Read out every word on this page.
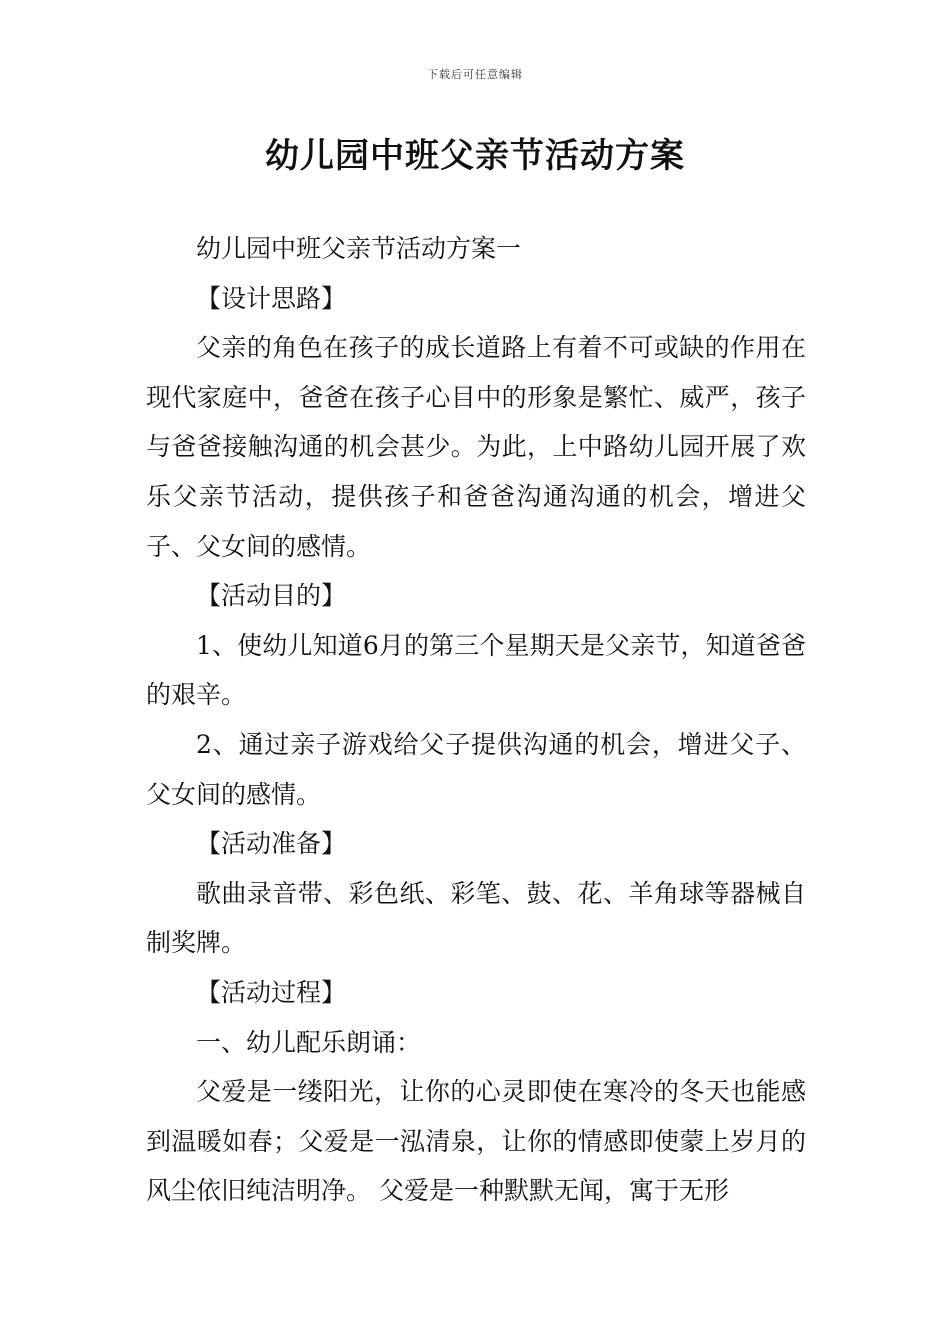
下载后可任意编辑
幼儿园中班父亲节活动方案

幼儿园中班父亲节活动方案一

【设计思路】

父亲的角色在孩子的成长道路上有着不可或缺的作用在现代家庭中，爸爸在孩子心目中的形象是繁忙、威严，孩子与爸爸接触沟通的机会甚少。为此，上中路幼儿园开展了欢乐父亲节活动，提供孩子和爸爸沟通沟通的机会，增进父子、父女间的感情。

【活动目的】

1、使幼儿知道6月的第三个星期天是父亲节，知道爸爸的艰辛。

2、通过亲子游戏给父子提供沟通的机会，增进父子、父女间的感情。

【活动准备】

歌曲录音带、彩色纸、彩笔、鼓、花、羊角球等器械自制奖牌。

【活动过程】

一、幼儿配乐朗诵：

父爱是一缕阳光，让你的心灵即使在寒冷的冬天也能感到温暖如春；父爱是一泓清泉，让你的情感即使蒙上岁月的风尘依旧纯洁明净。 父爱是一种默默无闻，寓于无形
